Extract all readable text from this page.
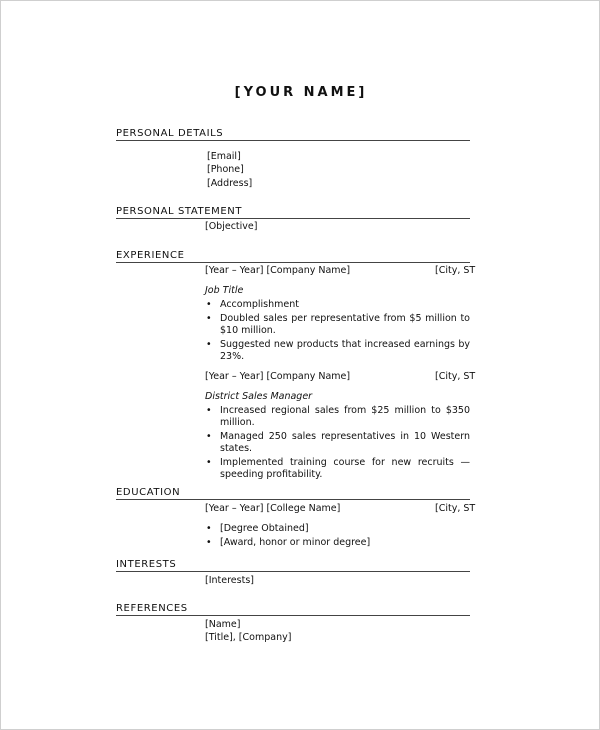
[YOUR NAME]
PERSONAL DETAILS
[Email]
[Phone]
[Address]
PERSONAL STATEMENT
[Objective]
EXPERIENCE
[Year – Year] [Company Name]	[City, ST
Job Title
• Accomplishment
• Doubled sales per representative from $5 million to $10 million.
• Suggested new products that increased earnings by 23%.
[Year – Year] [Company Name]	[City, ST
District Sales Manager
• Increased regional sales from $25 million to $350 million.
• Managed 250 sales representatives in 10 Western states.
• Implemented training course for new recruits — speeding profitability.
EDUCATION
[Year – Year] [College Name]	[City, ST
• [Degree Obtained]
• [Award, honor or minor degree]
INTERESTS
[Interests]
REFERENCES
[Name]
[Title], [Company]
